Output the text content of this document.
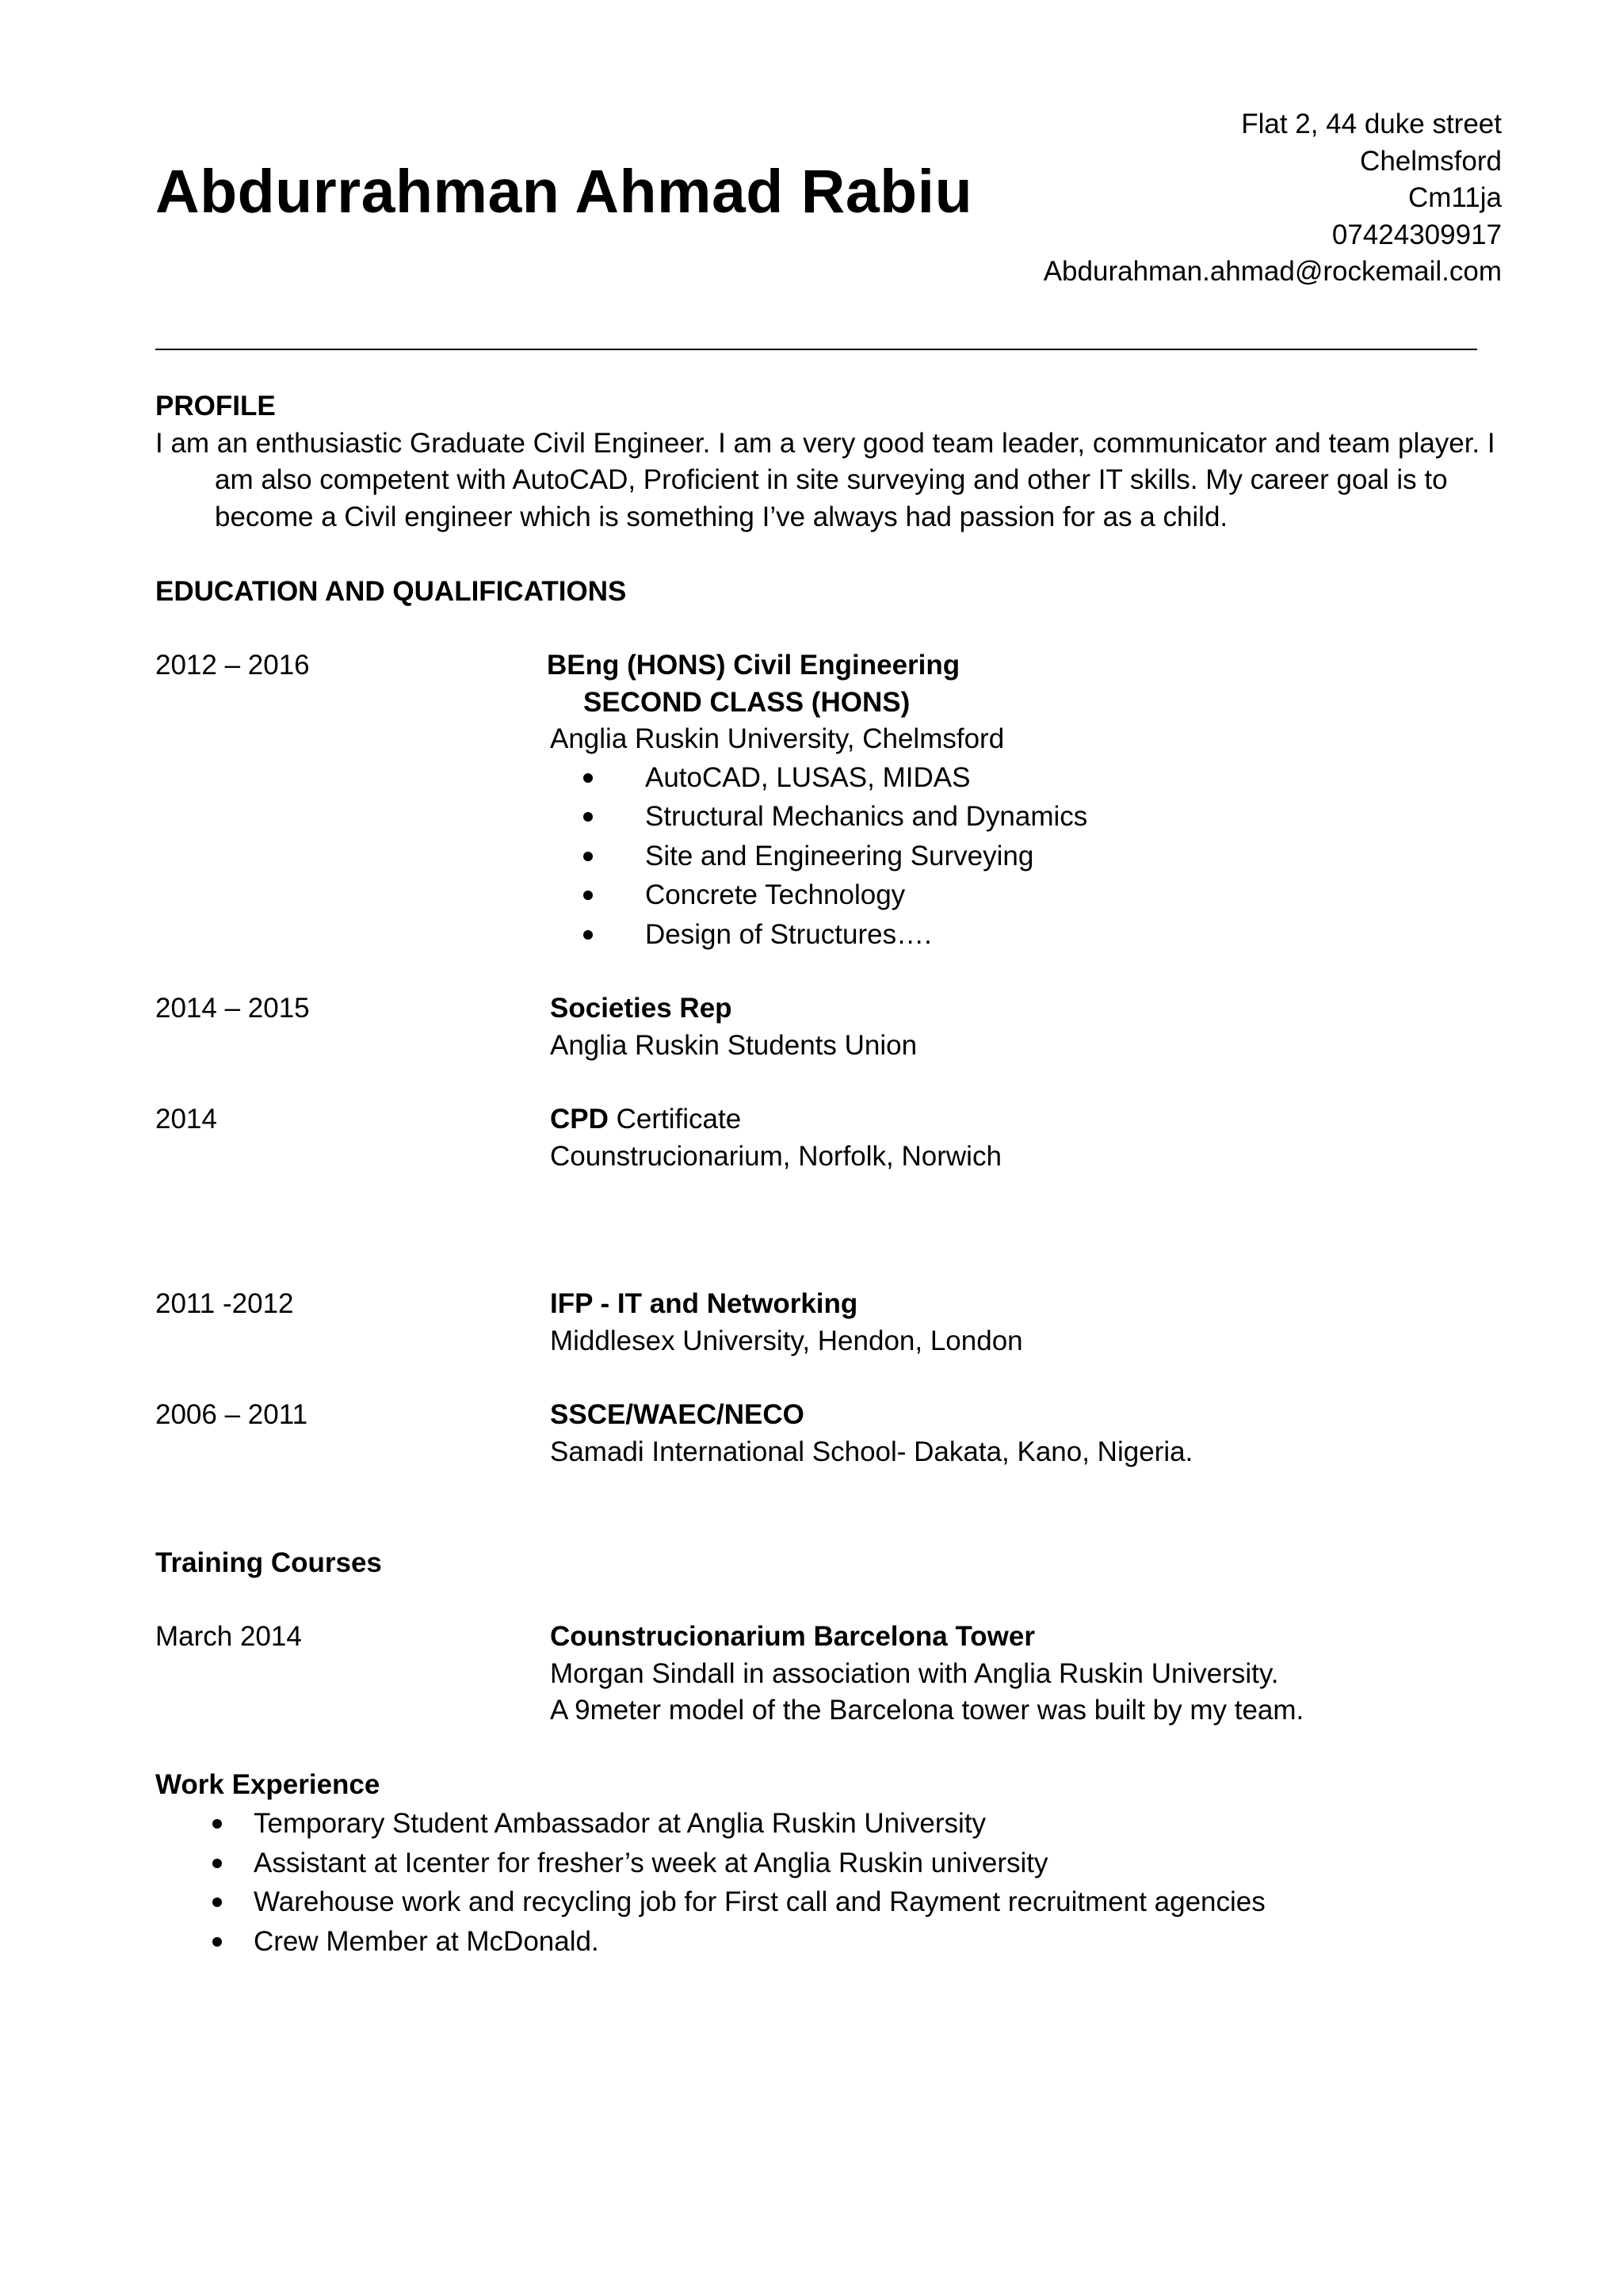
Abdurrahman Ahmad Rabiu
Flat 2, 44 duke street
Chelmsford
Cm11ja
07424309917
Abdurahman.ahmad@rockemail.com
PROFILE

I am an enthusiastic Graduate Civil Engineer. I am a very good team leader, communicator and team player. I am also competent with AutoCAD, Proficient in site surveying and other IT skills. My career goal is to become a Civil engineer which is something I’ve always had passion for as a child.

EDUCATION AND QUALIFICATIONS
2012 – 2016	BEng (HONS) Civil Engineering
SECOND CLASS (HONS)
Anglia Ruskin University, Chelmsford
AutoCAD, LUSAS, MIDAS
Structural Mechanics and Dynamics
Site and Engineering Surveying
Concrete Technology
Design of Structures….
2014 – 2015	Societies Rep
Anglia Ruskin Students Union
2014	CPD Certificate
Counstrucionarium, Norfolk, Norwich
2011 -2012	IFP - IT and Networking
Middlesex University, Hendon, London
2006 – 2011	SSCE/WAEC/NECO
Samadi International School- Dakata, Kano, Nigeria.
Training Courses
March 2014	Counstrucionarium Barcelona Tower
Morgan Sindall in association with Anglia Ruskin University.
A 9meter model of the Barcelona tower was built by my team.
Work Experience
Temporary Student Ambassador at Anglia Ruskin University
Assistant at Icenter for fresher’s week at Anglia Ruskin university
Warehouse work and recycling job for First call and Rayment recruitment agencies
Crew Member at McDonald.
